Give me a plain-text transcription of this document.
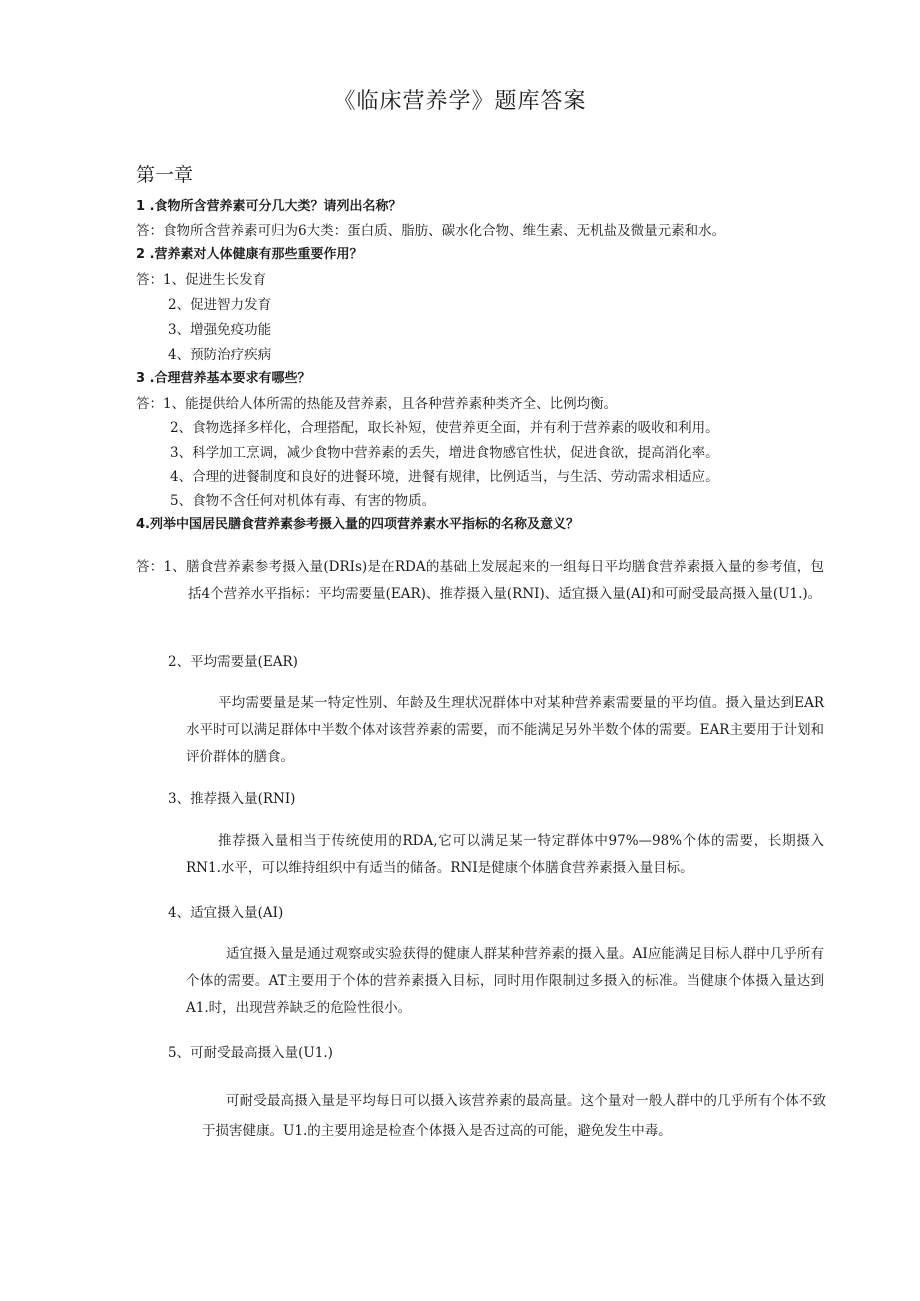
《临床营养学》题库答案
第一章
1 .食物所含营养素可分几大类？请列出名称？
答：食物所含营养素可归为6大类：蛋白质、脂肪、碳水化合物、维生素、无机盐及微量元素和水。
2 .营养素对人体健康有那些重要作用？
答：1、促进生长发育
2、促进智力发育
3、增强免疫功能
4、预防治疗疾病
3 .合理营养基本要求有哪些？
答：1、能提供给人体所需的热能及营养素，且各种营养素种类齐全、比例均衡。
2、食物选择多样化，合理搭配，取长补短，使营养更全面，并有利于营养素的吸收和利用。
3、科学加工烹调，减少食物中营养素的丢失，增进食物感官性状，促进食欲，提高消化率。
4、合理的进餐制度和良好的进餐环境，进餐有规律，比例适当，与生活、劳动需求相适应。
5、食物不含任何对机体有毒、有害的物质。
4.列举中国居民膳食营养素参考摄入量的四项营养素水平指标的名称及意义？
答：1、膳食营养素参考摄入量(DRIs)是在RDA的基础上发展起来的一组每日平均膳食营养素摄入量的参考值，包括4个营养水平指标：平均需要量(EAR)、推荐摄入量(RNI)、适宜摄入量(AI)和可耐受最高摄入量(U1.)。
2、平均需要量(EAR)
平均需要量是某一特定性别、年龄及生理状况群体中对某种营养素需要量的平均值。摄入量达到EAR水平时可以满足群体中半数个体对该营养素的需要，而不能满足另外半数个体的需要。EAR主要用于计划和评价群体的膳食。
3、推荐摄入量(RNI)
推荐摄入量相当于传统使用的RDA,它可以满足某一特定群体中97%—98%个体的需要，长期摄入RN1.水平，可以维持组织中有适当的储备。RNI是健康个体膳食营养素摄入量目标。
4、适宜摄入量(AI)
适宜摄入量是通过观察或实验获得的健康人群某种营养素的摄入量。AI应能满足目标人群中几乎所有个体的需要。AT主要用于个体的营养素摄入目标，同时用作限制过多摄入的标准。当健康个体摄入量达到A1.时，出现营养缺乏的危险性很小。
5、可耐受最高摄入量(U1.)
可耐受最高摄入量是平均每日可以摄入该营养素的最高量。这个量对一般人群中的几乎所有个体不致于损害健康。U1.的主要用途是检查个体摄入是否过高的可能，避免发生中毒。
